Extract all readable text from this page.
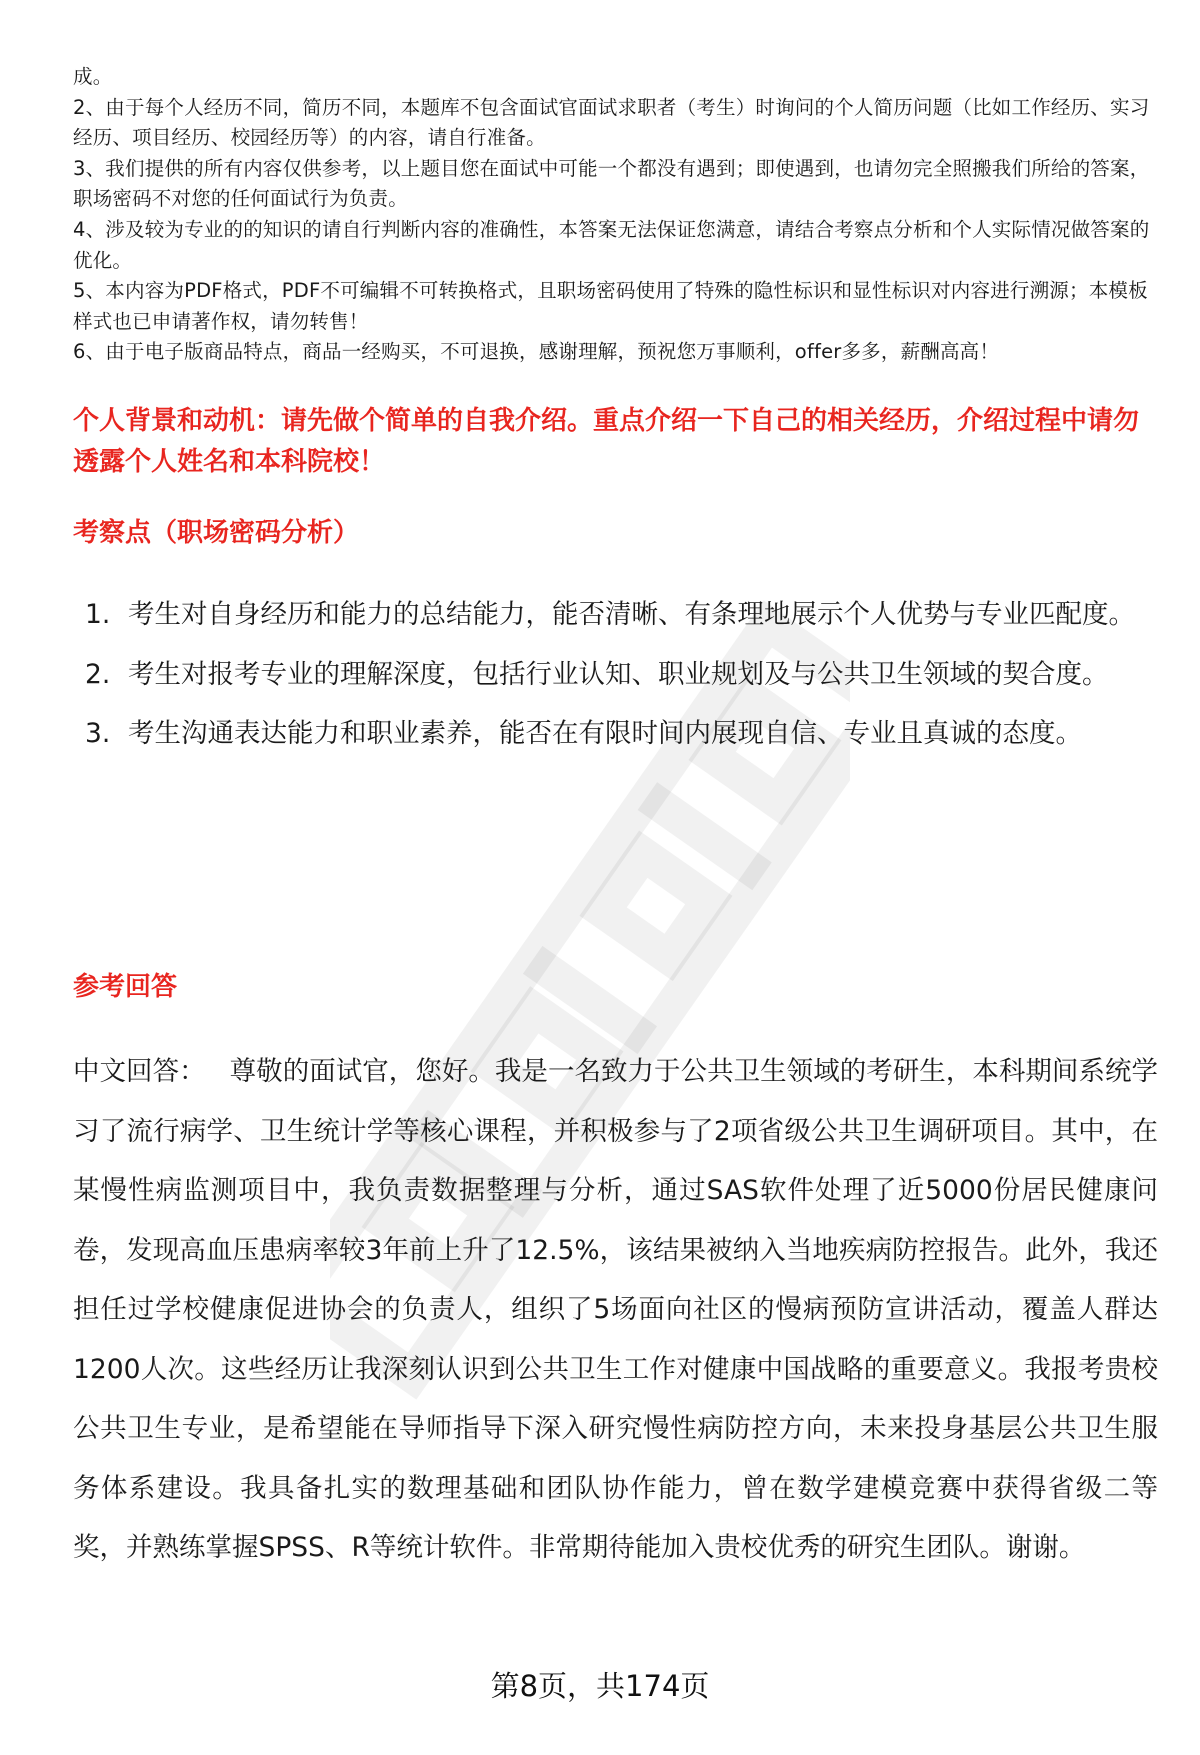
成。

2、由于每个人经历不同，简历不同，本题库不包含面试官面试求职者（考生）时询问的个人简历问题（比如工作经历、实习经历、项目经历、校园经历等）的内容，请自行准备。

3、我们提供的所有内容仅供参考，以上题目您在面试中可能一个都没有遇到；即使遇到，也请勿完全照搬我们所给的答案，职场密码不对您的任何面试行为负责。

4、涉及较为专业的的知识的请自行判断内容的准确性，本答案无法保证您满意，请结合考察点分析和个人实际情况做答案的优化。

5、本内容为PDF格式，PDF不可编辑不可转换格式，且职场密码使用了特殊的隐性标识和显性标识对内容进行溯源；本模板样式也已申请著作权，请勿转售！

6、由于电子版商品特点，商品一经购买，不可退换，感谢理解，预祝您万事顺利，offer多多，薪酬高高！

个人背景和动机：请先做个简单的自我介绍。重点介绍一下自己的相关经历，介绍过程中请勿透露个人姓名和本科院校！
考察点（职场密码分析）
1. 考生对自身经历和能力的总结能力，能否清晰、有条理地展示个人优势与专业匹配度。
2. 考生对报考专业的理解深度，包括行业认知、职业规划及与公共卫生领域的契合度。
3. 考生沟通表达能力和职业素养，能否在有限时间内展现自信、专业且真诚的态度。
参考回答

中文回答： 尊敬的面试官，您好。我是一名致力于公共卫生领域的考研生，本科期间系统学习了流行病学、卫生统计学等核心课程，并积极参与了2项省级公共卫生调研项目。其中，在某慢性病监测项目中，我负责数据整理与分析，通过SAS软件处理了近5000份居民健康问卷，发现高血压患病率较3年前上升了12.5%，该结果被纳入当地疾病防控报告。此外，我还担任过学校健康促进协会的负责人，组织了5场面向社区的慢病预防宣讲活动，覆盖人群达1200人次。这些经历让我深刻认识到公共卫生工作对健康中国战略的重要意义。我报考贵校公共卫生专业，是希望能在导师指导下深入研究慢性病防控方向，未来投身基层公共卫生服务体系建设。我具备扎实的数理基础和团队协作能力，曾在数学建模竞赛中获得省级二等奖，并熟练掌握SPSS、R等统计软件。非常期待能加入贵校优秀的研究生团队。谢谢。

第8页，共174页
